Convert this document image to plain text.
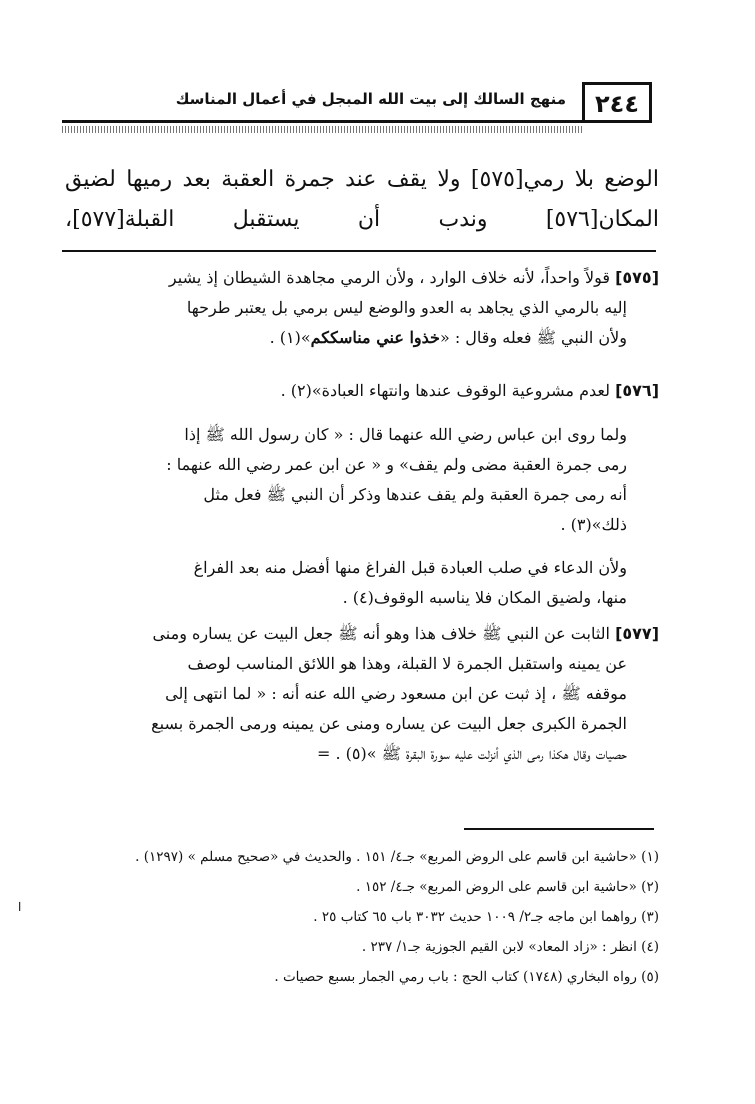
٢٤٤
منهج السالك إلى بيت الله المبجل في أعمال المناسك
الوضع بلا رمي[٥٧٥] ولا يقف عند جمرة العقبة بعد رميها لضيق
المكان[٥٧٦] وندب أن يستقبل القبلة[٥٧٧]،
[٥٧٥] قولاً واحداً، لأنه خلاف الوارد ، ولأن الرمي مجاهدة الشيطان إذ يشير
إليه بالرمي الذي يجاهد به العدو والوضع ليس برمي بل يعتبر طرحها
ولأن النبي ﷺ فعله وقال : «خذوا عني مناسككم»(١) .
[٥٧٦] لعدم مشروعية الوقوف عندها وانتهاء العبادة»(٢) .
ولما روى ابن عباس رضي الله عنهما قال : « كان رسول الله ﷺ إذا
رمى جمرة العقبة مضى ولم يقف» و « عن ابن عمر رضي الله عنهما :
أنه رمى جمرة العقبة ولم يقف عندها وذكر أن النبي ﷺ فعل مثل
ذلك»(٣) .
ولأن الدعاء في صلب العبادة قبل الفراغ منها أفضل منه بعد الفراغ
منها، ولضيق المكان فلا يناسبه الوقوف(٤) .
[٥٧٧] الثابت عن النبي ﷺ خلاف هذا وهو أنه ﷺ جعل البيت عن يساره ومنى
عن يمينه واستقبل الجمرة لا القبلة، وهذا هو اللائق المناسب لوصف
موقفه ﷺ ، إذ ثبت عن ابن مسعود رضي الله عنه أنه : « لما انتهى إلى
الجمرة الكبرى جعل البيت عن يساره ومنى عن يمينه ورمى الجمرة بسبع
حصيات وقال هكذا رمى الذي أنزلت عليه سورة البقرة ﷺ »(٥) . =
(١) «حاشية ابن قاسم على الروض المربع» جـ٤/ ١٥١ . والحديث في «صحيح مسلم » (١٢٩٧) .
(٢) «حاشية ابن قاسم على الروض المربع» جـ٤/ ١٥٢ .
(٣) رواهما ابن ماجه جـ٢/ ١٠٠٩ حديث ٣٠٣٢ باب ٦٥ كتاب ٢٥ .
(٤) انظر : «زاد المعاد» لابن القيم الجوزية جـ١/ ٢٣٧ .
(٥) رواه البخاري (١٧٤٨) كتاب الحج : باب رمي الجمار بسبع حصيات .
ا
